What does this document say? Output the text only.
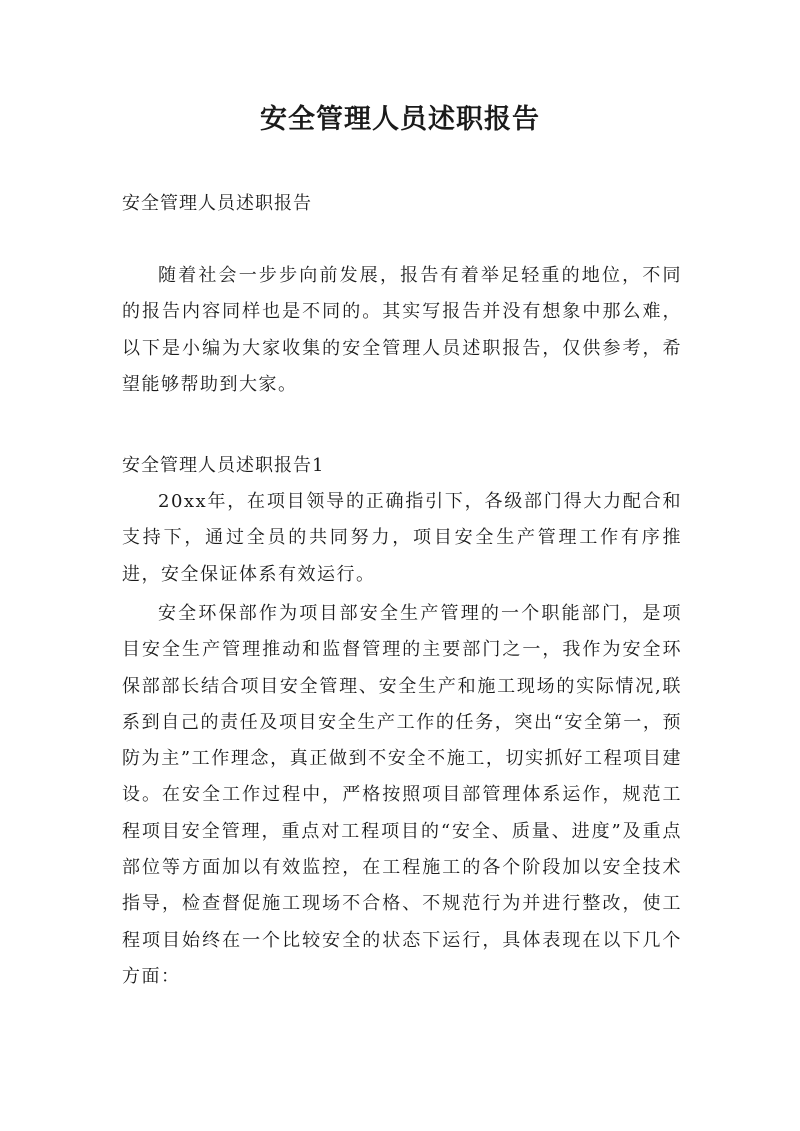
安全管理人员述职报告

安全管理人员述职报告

随着社会一步步向前发展，报告有着举足轻重的地位，不同的报告内容同样也是不同的。其实写报告并没有想象中那么难，以下是小编为大家收集的安全管理人员述职报告，仅供参考，希望能够帮助到大家。

安全管理人员述职报告1

20xx年，在项目领导的正确指引下，各级部门得大力配合和支持下，通过全员的共同努力，项目安全生产管理工作有序推进，安全保证体系有效运行。

安全环保部作为项目部安全生产管理的一个职能部门，是项目安全生产管理推动和监督管理的主要部门之一，我作为安全环保部部长结合项目安全管理、安全生产和施工现场的实际情况,联系到自己的责任及项目安全生产工作的任务，突出“安全第一，预防为主”工作理念，真正做到不安全不施工，切实抓好工程项目建设。在安全工作过程中，严格按照项目部管理体系运作，规范工程项目安全管理，重点对工程项目的“安全、质量、进度”及重点部位等方面加以有效监控，在工程施工的各个阶段加以安全技术指导，检查督促施工现场不合格、不规范行为并进行整改，使工程项目始终在一个比较安全的状态下运行，具体表现在以下几个方面：
